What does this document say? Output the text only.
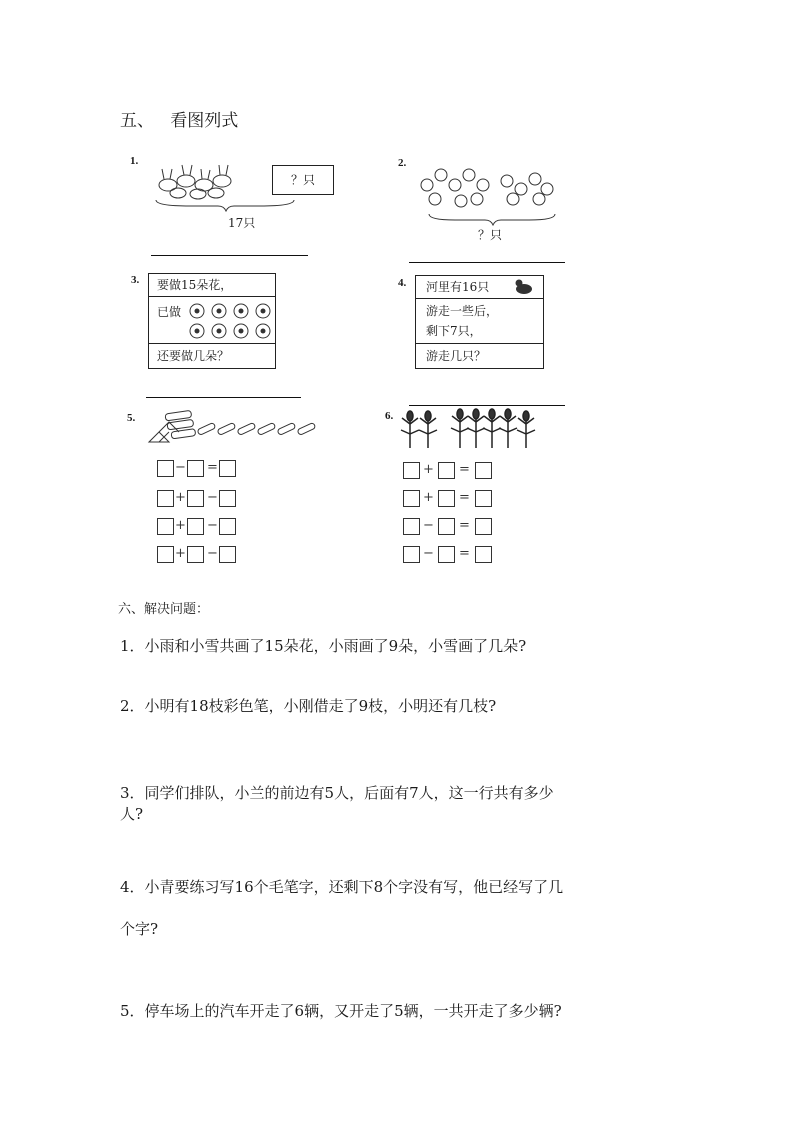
五、   看图列式
1.
？只
17只
2.
？只
3.	要做15朵花，
已做
还要做几朵？
4.	河里有16只
游走一些后，
剩下7只，
游走几只？
5.
− =
+ −
+ −
+ −
6.
+ =
+ =
− =
− =
六、解决问题：
1．小雨和小雪共画了15朵花，小雨画了9朵，小雪画了几朵?
2．小明有18枝彩色笔，小刚借走了9枝，小明还有几枝?
3．同学们排队，小兰的前边有5人，后面有7人，这一行共有多少
人?
4．小青要练习写16个毛笔字，还剩下8个字没有写，他已经写了几
个字?
5．停车场上的汽车开走了6辆，又开走了5辆，一共开走了多少辆?
